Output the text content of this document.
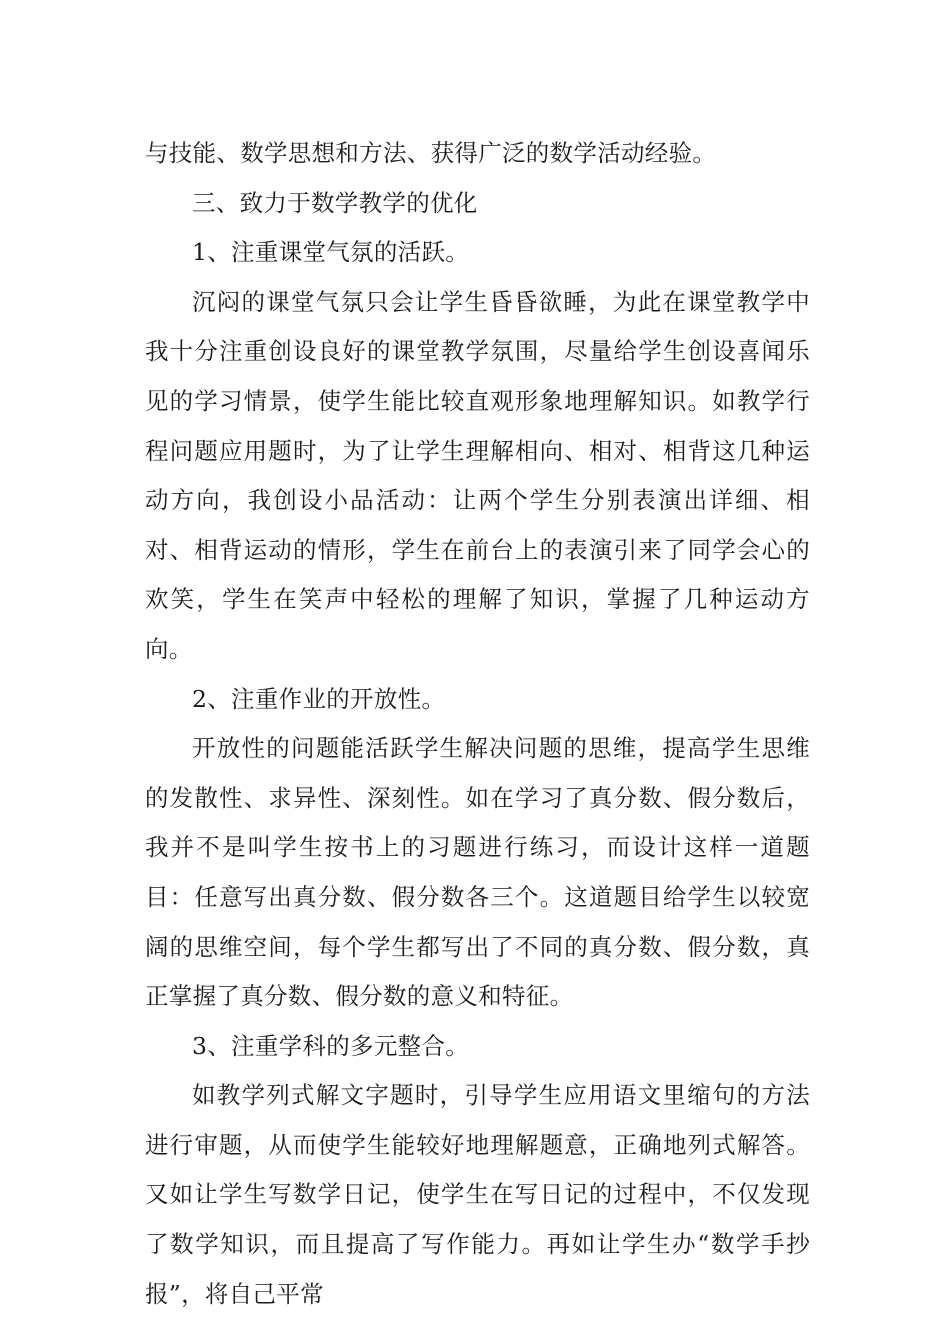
与技能、数学思想和方法、获得广泛的数学活动经验。

三、致力于数学教学的优化

1、注重课堂气氛的活跃。

沉闷的课堂气氛只会让学生昏昏欲睡，为此在课堂教学中我十分注重创设良好的课堂教学氛围，尽量给学生创设喜闻乐见的学习情景，使学生能比较直观形象地理解知识。如教学行程问题应用题时，为了让学生理解相向、相对、相背这几种运动方向，我创设小品活动：让两个学生分别表演出详细、相对、相背运动的情形，学生在前台上的表演引来了同学会心的欢笑，学生在笑声中轻松的理解了知识，掌握了几种运动方向。

2、注重作业的开放性。

开放性的问题能活跃学生解决问题的思维，提高学生思维的发散性、求异性、深刻性。如在学习了真分数、假分数后，我并不是叫学生按书上的习题进行练习，而设计这样一道题目：任意写出真分数、假分数各三个。这道题目给学生以较宽阔的思维空间，每个学生都写出了不同的真分数、假分数，真正掌握了真分数、假分数的意义和特征。

3、注重学科的多元整合。

如教学列式解文字题时，引导学生应用语文里缩句的方法进行审题，从而使学生能较好地理解题意，正确地列式解答。又如让学生写数学日记，使学生在写日记的过程中，不仅发现了数学知识，而且提高了写作能力。再如让学生办“数学手抄报”，将自己平常
